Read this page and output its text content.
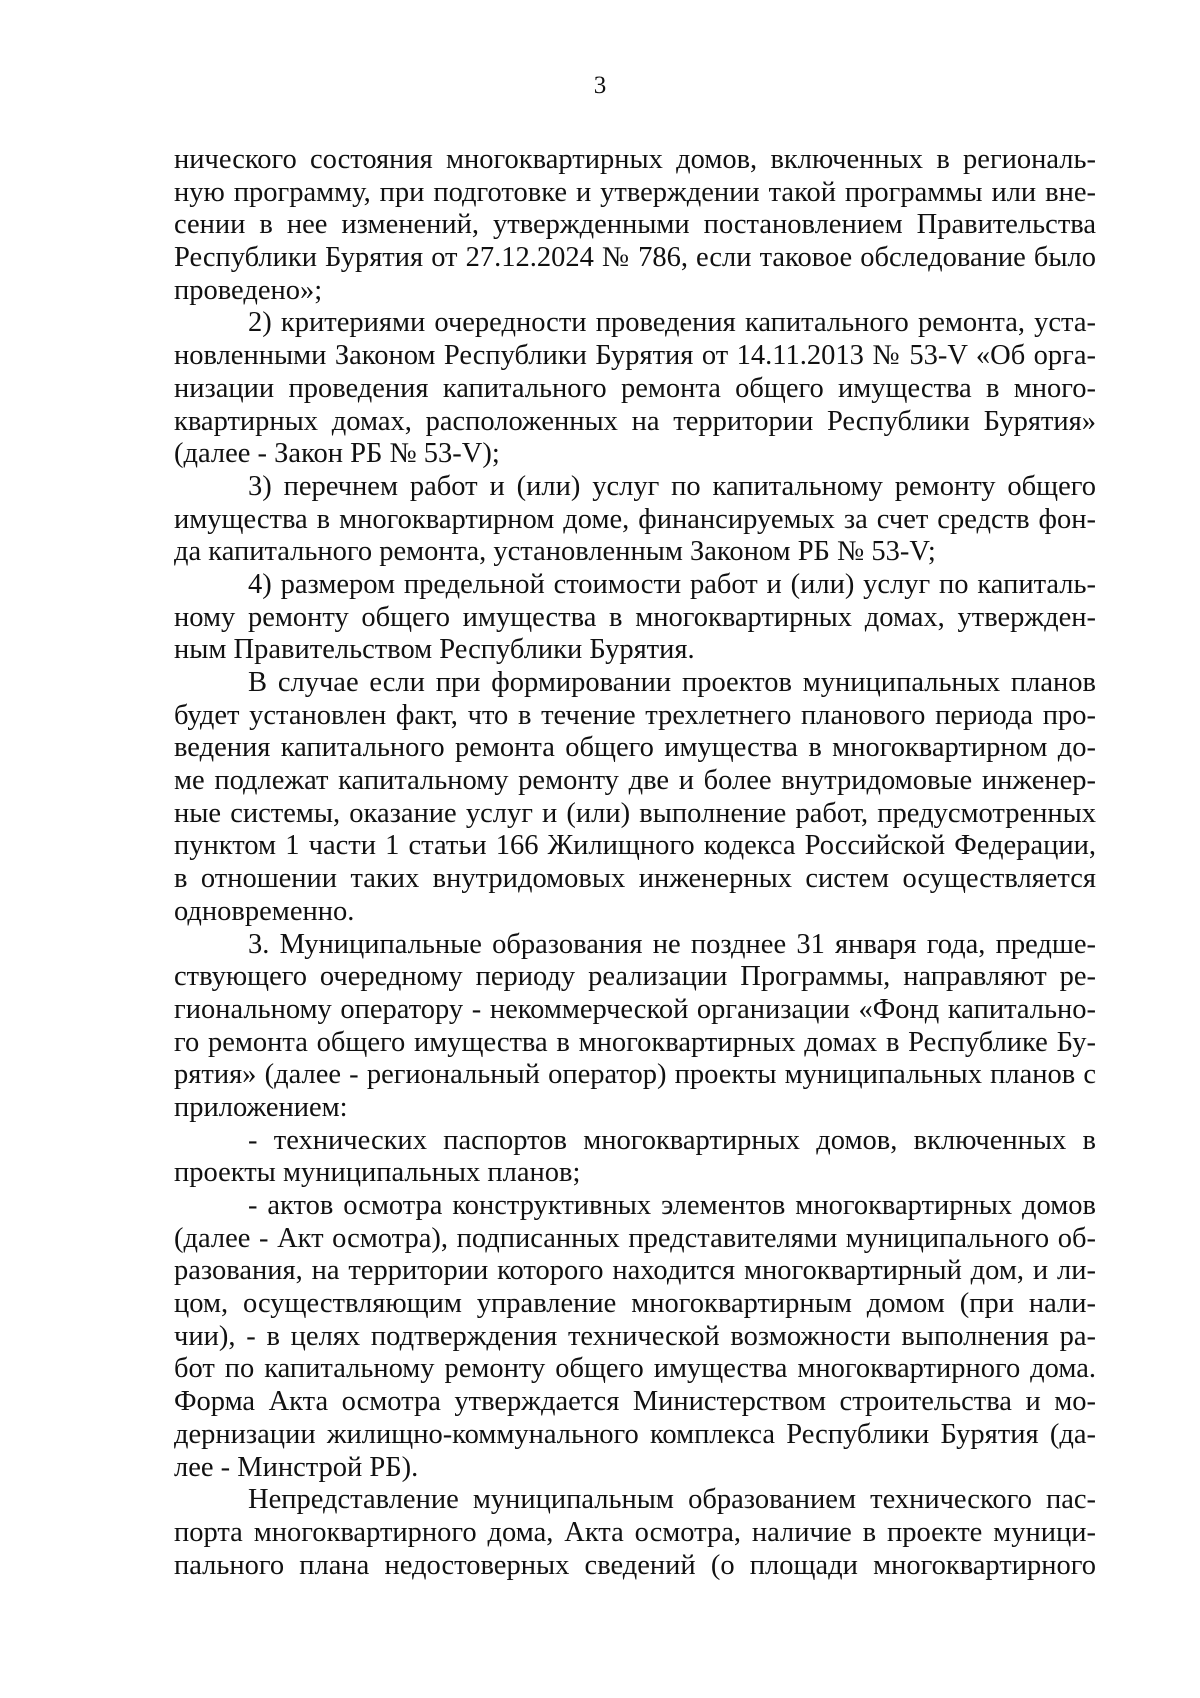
3
нического состояния многоквартирных домов, включенных в региональ-
ную программу, при подготовке и утверждении такой программы или вне-
сении в нее изменений, утвержденными постановлением Правительства
Республики Бурятия от 27.12.2024 № 786, если таковое обследование было
проведено»;
2) критериями очередности проведения капитального ремонта, уста-
новленными Законом Республики Бурятия от 14.11.2013 № 53-V «Об орга-
низации проведения капитального ремонта общего имущества в много-
квартирных домах, расположенных на территории Республики Бурятия»
(далее - Закон РБ № 53-V);
3) перечнем работ и (или) услуг по капитальному ремонту общего
имущества в многоквартирном доме, финансируемых за счет средств фон-
да капитального ремонта, установленным Законом РБ № 53-V;
4) размером предельной стоимости работ и (или) услуг по капиталь-
ному ремонту общего имущества в многоквартирных домах, утвержден-
ным Правительством Республики Бурятия.
В случае если при формировании проектов муниципальных планов
будет установлен факт, что в течение трехлетнего планового периода про-
ведения капитального ремонта общего имущества в многоквартирном до-
ме подлежат капитальному ремонту две и более внутридомовые инженер-
ные системы, оказание услуг и (или) выполнение работ, предусмотренных
пунктом 1 части 1 статьи 166 Жилищного кодекса Российской Федерации,
в отношении таких внутридомовых инженерных систем осуществляется
одновременно.
3. Муниципальные образования не позднее 31 января года, предше-
ствующего очередному периоду реализации Программы, направляют ре-
гиональному оператору - некоммерческой организации «Фонд капитально-
го ремонта общего имущества в многоквартирных домах в Республике Бу-
рятия» (далее - региональный оператор) проекты муниципальных планов с
приложением:
- технических паспортов многоквартирных домов, включенных в
проекты муниципальных планов;
- актов осмотра конструктивных элементов многоквартирных домов
(далее - Акт осмотра), подписанных представителями муниципального об-
разования, на территории которого находится многоквартирный дом, и ли-
цом, осуществляющим управление многоквартирным домом (при нали-
чии), - в целях подтверждения технической возможности выполнения ра-
бот по капитальному ремонту общего имущества многоквартирного дома.
Форма Акта осмотра утверждается Министерством строительства и мо-
дернизации жилищно-коммунального комплекса Республики Бурятия (да-
лее - Минстрой РБ).
Непредставление муниципальным образованием технического пас-
порта многоквартирного дома, Акта осмотра, наличие в проекте муници-
пального плана недостоверных сведений (о площади многоквартирного
